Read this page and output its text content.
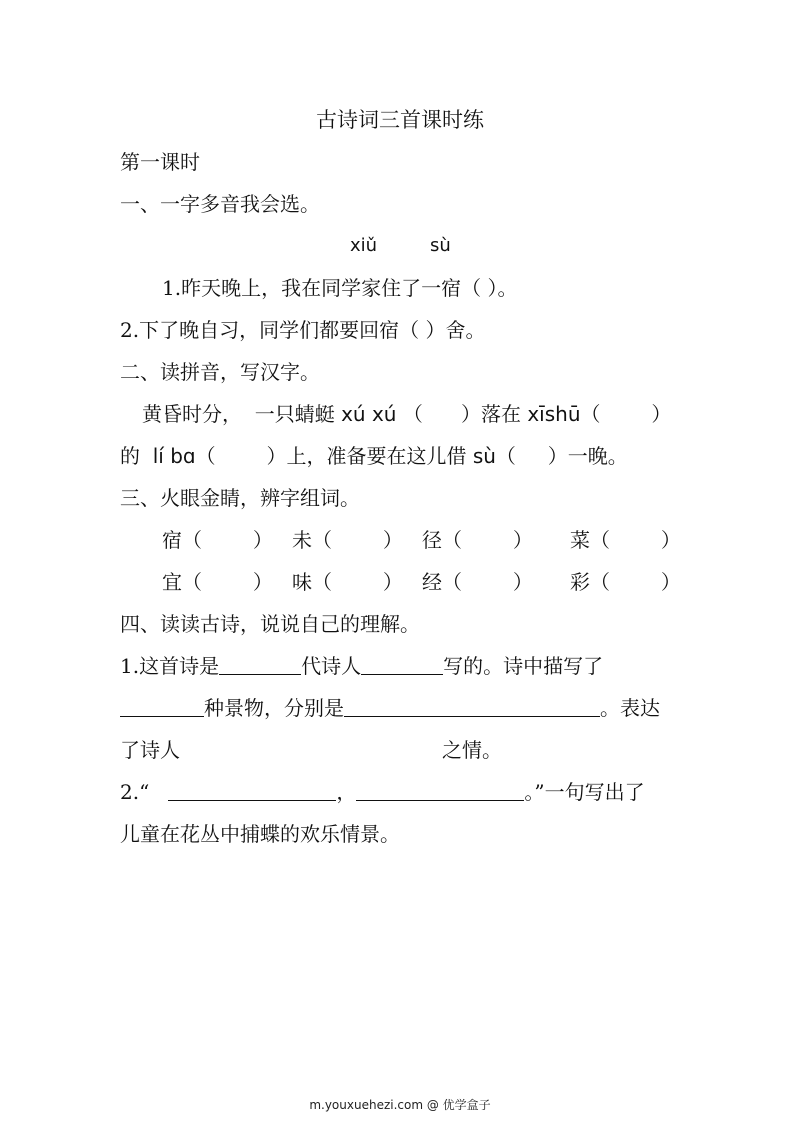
古诗词三首课时练
第一课时
一、一字多音我会选。
xiǔ	sù
1.昨天晚上，我在同学家住了一宿（ ）。
2.下了晚自习，同学们都要回宿（ ）舍。
二、读拼音，写汉字。
黄昏时分，  一只蜻蜓 xú xú （      ）落在 xīshū（        ）
的 lí bɑ（        ）上，准备要在这儿借 sù（     ）一晚。
三、火眼金睛，辨字组词。
宿（        ） 未（        ） 径（        ） 菜（        ）
宜（        ） 味（        ） 经（        ） 彩（        ）
四、读读古诗，说说自己的理解。
1.这首诗是	代诗人	写的。诗中描写了
种景物，分别是	。表达
了诗人	之情。
2.“	，	。”一句写出了
儿童在花丛中捕蝶的欢乐情景。
m.youxuehezi.com @ 优学盒子
